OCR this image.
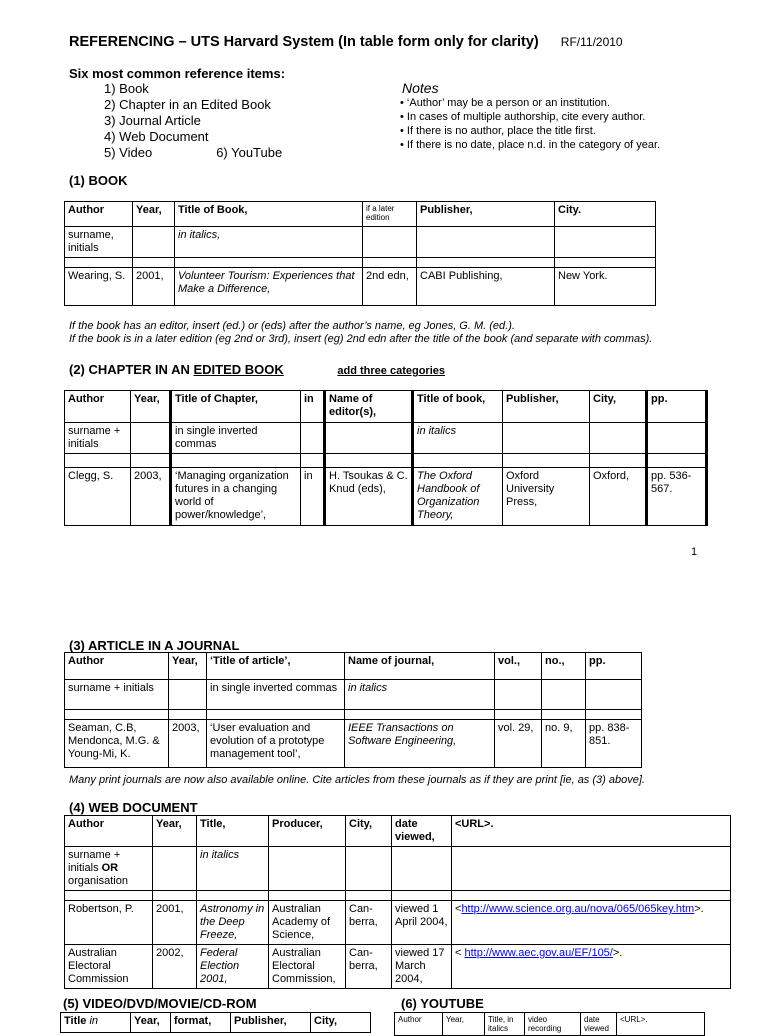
REFERENCING – UTS Harvard System (In table form only for clarity) RF/11/2010
Six most common reference items:
1) Book
2) Chapter in an Edited Book
3) Journal Article
4) Web Document
5) Video	6) YouTube
Notes
• ‘Author’ may be a person or an institution.
• In cases of multiple authorship, cite every author.
• If there is no author, place the title first.
• If there is no date, place n.d. in the category of year.
(1) BOOK
Author	Year,	Title of Book,	if a later edition	Publisher,	City.
surname, initials		in italics,			

Wearing, S.	2001,	Volunteer Tourism: Experiences that Make a Difference,	2nd edn,	CABI Publishing,	New York.
If the book has an editor, insert (ed.) or (eds) after the author’s name, eg Jones, G. M. (ed.).
If the book is in a later edition (eg 2nd or 3rd), insert (eg) 2nd edn after the title of the book (and separate with commas).
(2) CHAPTER IN AN EDITED BOOK	add three categories
Author	Year,	Title of Chapter,	in	Name of editor(s),	Title of book,	Publisher,	City,	pp.
surname + initials		in single inverted commas			in italics			

Clegg, S.	2003,	‘Managing organization futures in a changing world of power/knowledge’,	in	H. Tsoukas & C. Knud (eds),	The Oxford Handbook of Organization Theory,	Oxford University Press,	Oxford,	pp. 536-567.
1
(3) ARTICLE IN A JOURNAL
Author	Year,	‘Title of article’,	Name of journal,	vol.,	no.,	pp.
surname + initials		in single inverted commas	in italics			

Seaman, C.B, Mendonca, M.G. & Young-Mi, K.	2003,	‘User evaluation and evolution of a prototype management tool’,	IEEE Transactions on Software Engineering,	vol. 29,	no. 9,	pp. 838-851.
Many print journals are now also available online. Cite articles from these journals as if they are print [ie, as (3) above].
(4) WEB DOCUMENT
Author	Year,	Title,	Producer,	City,	date viewed,	<URL>.
surname + initials OR organisation		in italics				

Robertson, P.	2001,	Astronomy in the Deep Freeze,	Australian Academy of Science,	Can-berra,	viewed 1 April 2004,	<http://www.science.org.au/nova/065/065key.htm>.
Australian Electoral Commission	2002,	Federal Election 2001,	Australian Electoral Commission,	Can-berra,	viewed 17 March 2004,	< http://www.aec.gov.au/EF/105/>.
(5) VIDEO/DVD/MOVIE/CD-ROM
Title in	Year,	format,	Publisher,	City,
(6) YOUTUBE
Author	Year,	Title, in italics	video recording	date viewed	<URL>.
